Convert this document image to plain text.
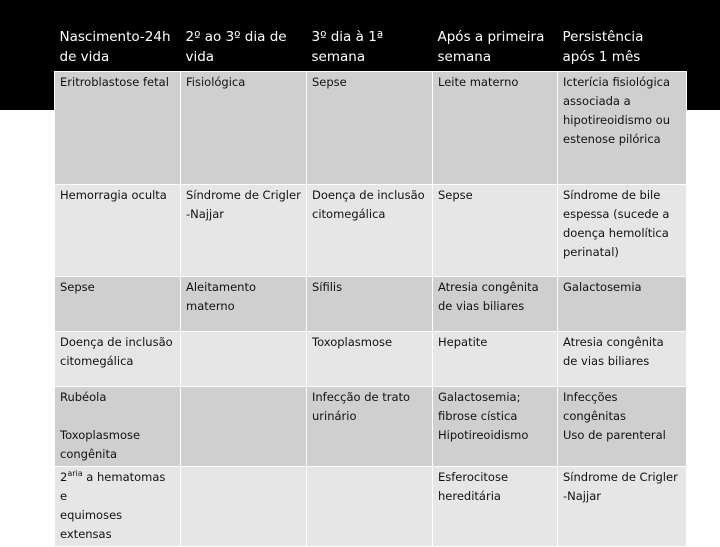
Nascimento-24h
de vida	2º ao 3º dia de
vida	3º dia à 1ª
semana	Após a primeira
semana	Persistência
após 1 mês

Eritroblastose fetal	Fisiológica	Sepse	Leite materno	Icterícia fisiológica
associada a
hipotireoidismo ou
estenose pilórica

Hemorragia oculta	Síndrome de Crigler
-Najjar	Doença de inclusão
citomegálica	Sepse	Síndrome de bile
espessa (sucede a
doença hemolítica
perinatal)

Sepse	Aleitamento
materno	Sífilis	Atresia congênita
de vias biliares	Galactosemia

Doença de inclusão
citomegálica		Toxoplasmose	Hepatite	Atresia congênita
de vias biliares

Rubéola

Toxoplasmose
congênita		Infecção de trato
urinário	Galactosemia;
fibrose cística
Hipotireoidismo	Infecções
congênitas
Uso de parenteral

$2^{aria}$ a hematomas e
equimoses extensas			Esferocitose
hereditária	Síndrome de Crigler
-Najjar
